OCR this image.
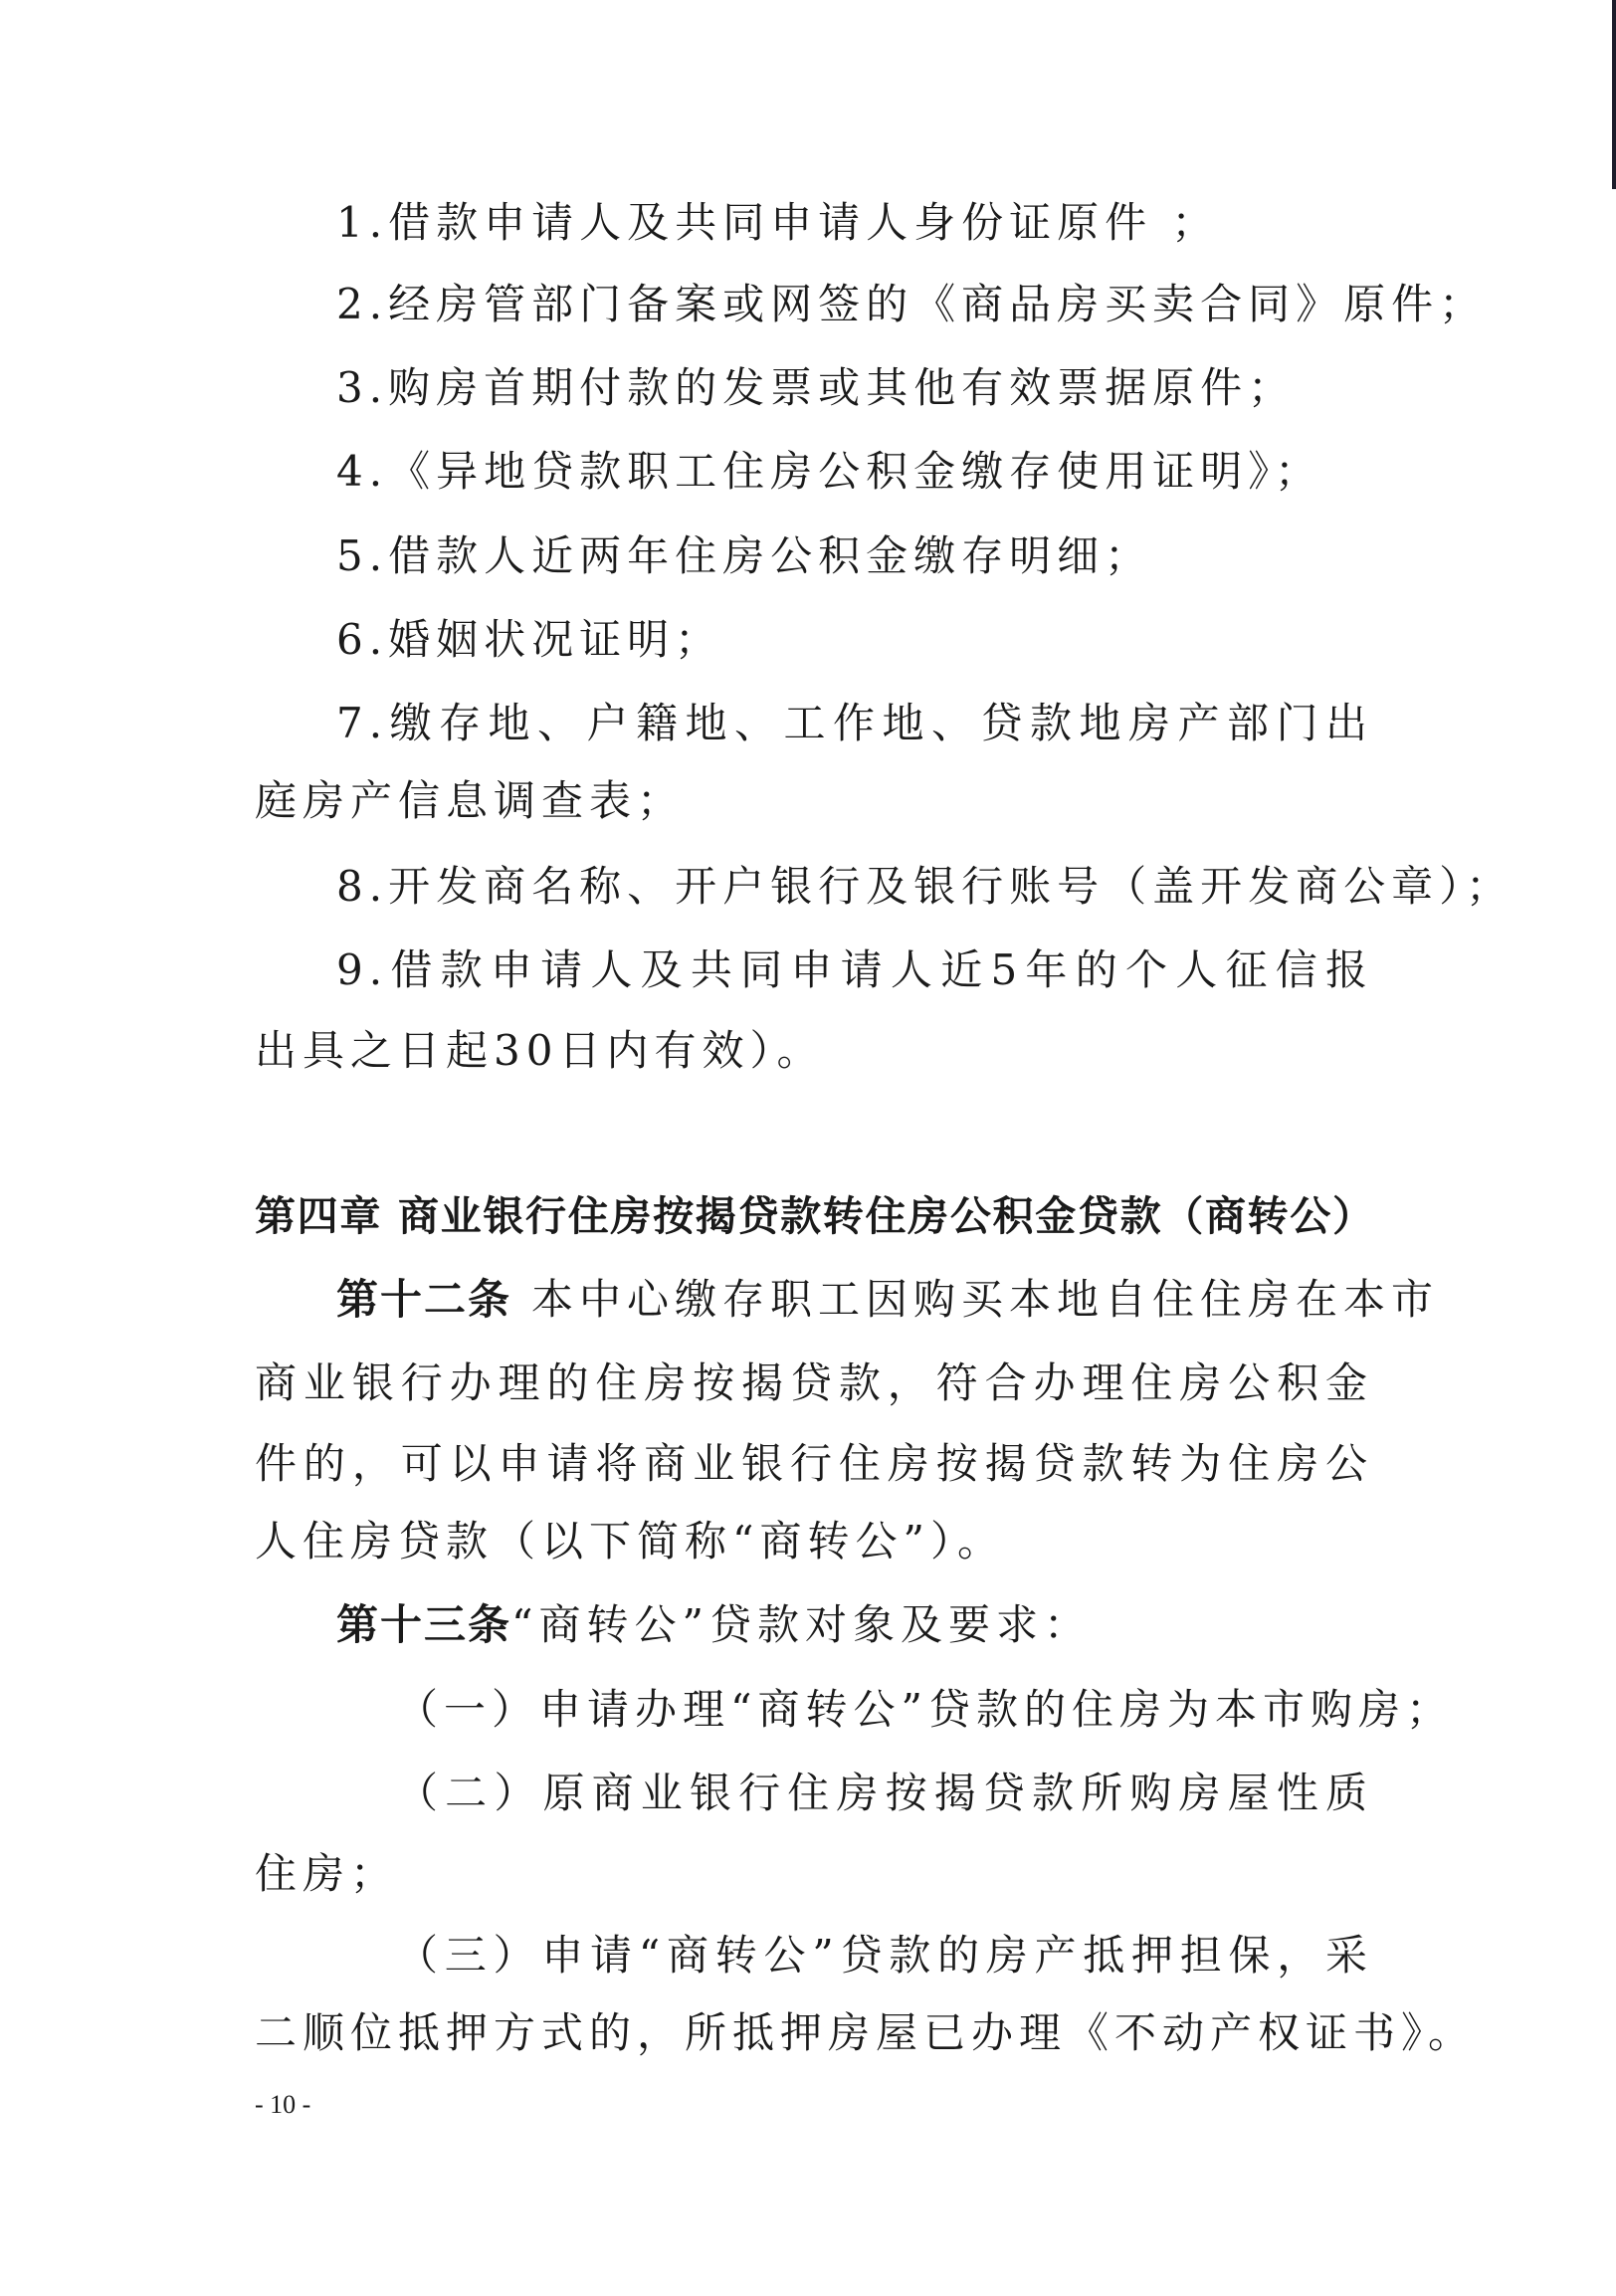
1.借款申请人及共同申请人身份证原件 ；
2.经房管部门备案或网签的《商品房买卖合同》原件；
3.购房首期付款的发票或其他有效票据原件；
4.《异地贷款职工住房公积金缴存使用证明》；
5.借款人近两年住房公积金缴存明细；
6.婚姻状况证明；
7.缴存地、户籍地、工作地、贷款地房产部门出
庭房产信息调查表；
8.开发商名称、开户银行及银行账号（盖开发商公章）；
9.借款申请人及共同申请人近5年的个人征信报
出具之日起30日内有效）。
第四章 商业银行住房按揭贷款转住房公积金贷款（商转公）
第十二条 本中心缴存职工因购买本地自住住房在本市
商业银行办理的住房按揭贷款，符合办理住房公积金
件的，可以申请将商业银行住房按揭贷款转为住房公
人住房贷款（以下简称“商转公”）。
第十三条“商转公”贷款对象及要求：
（一）申请办理“商转公”贷款的住房为本市购房；
（二）原商业银行住房按揭贷款所购房屋性质
住房；
（三）申请“商转公”贷款的房产抵押担保，采
二顺位抵押方式的，所抵押房屋已办理《不动产权证书》。
- 10 -
